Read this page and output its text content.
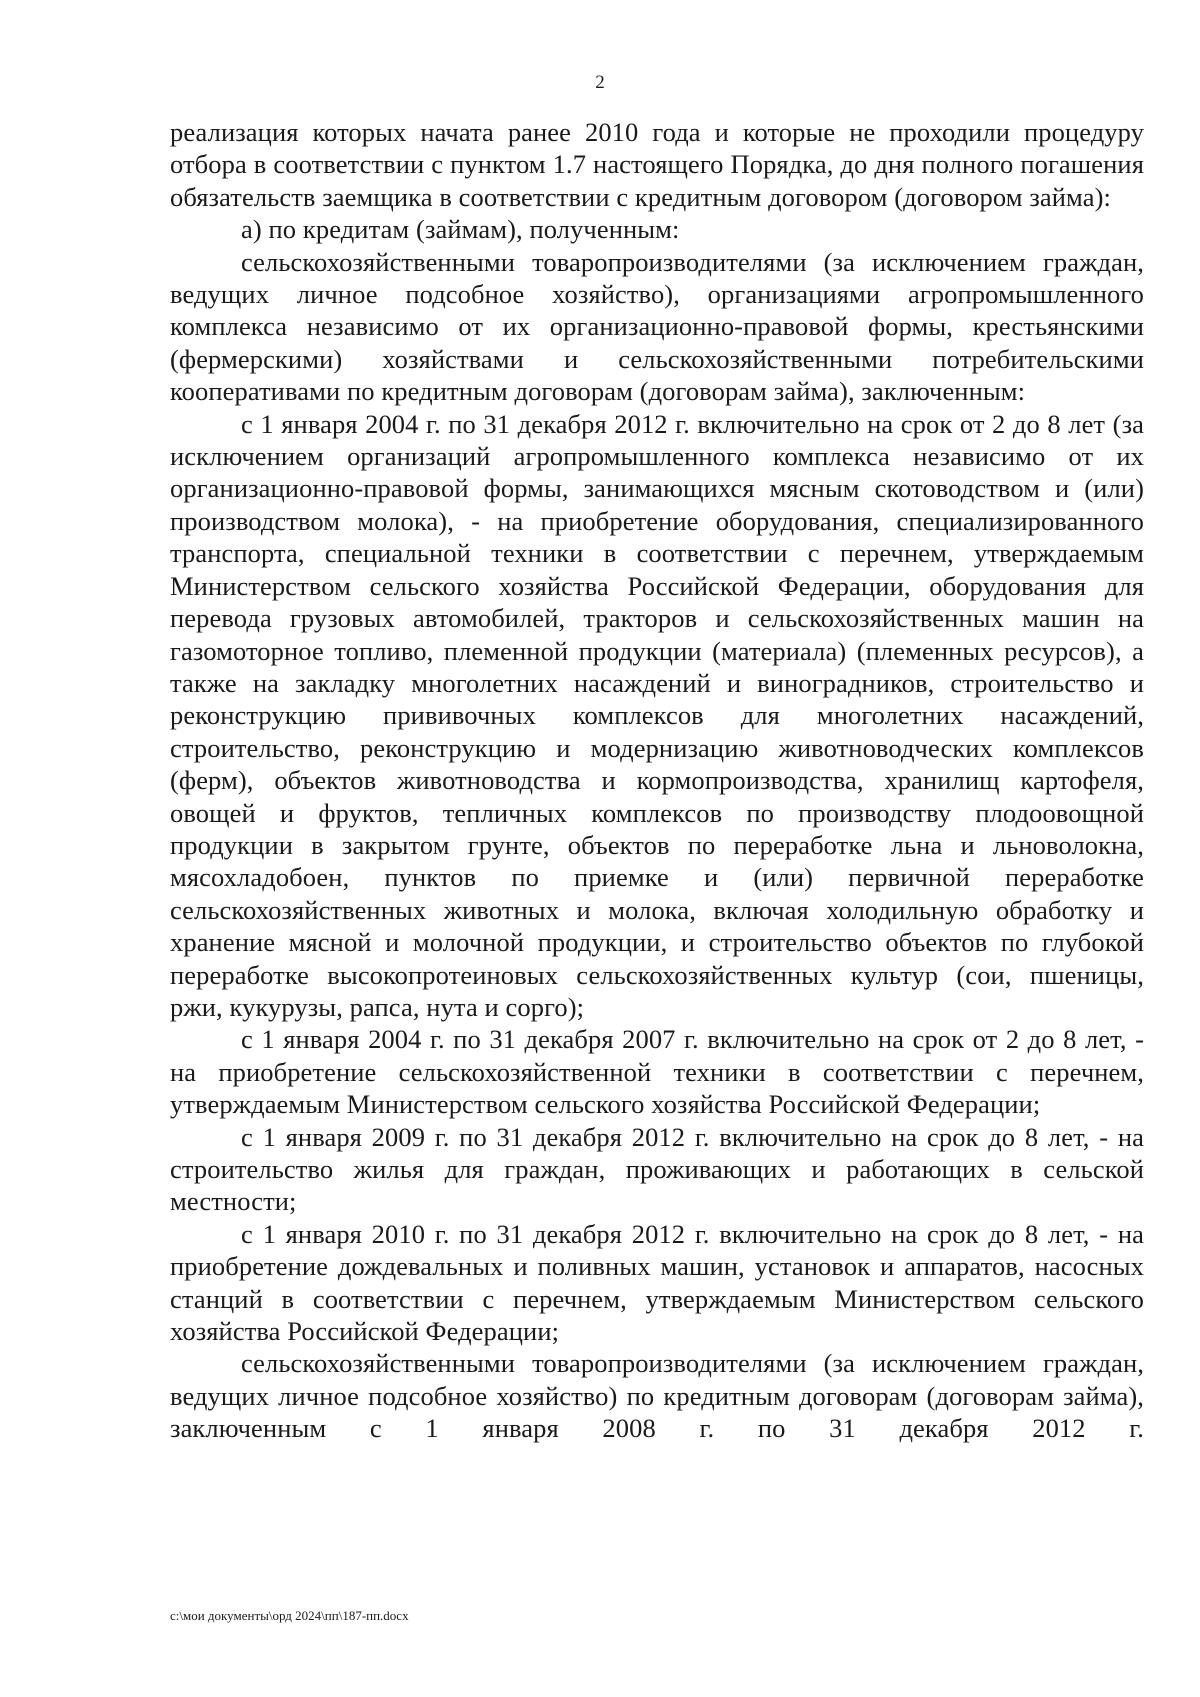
2

реализация которых начата ранее 2010 года и которые не проходили процедуру отбора в соответствии с пунктом 1.7 настоящего Порядка, до дня полного погашения обязательств заемщика в соответствии с кредитным договором (договором займа):

а) по кредитам (займам), полученным:

сельскохозяйственными товаропроизводителями (за исключением граждан, ведущих личное подсобное хозяйство), организациями агропромышленного комплекса независимо от их организационно-правовой формы, крестьянскими (фермерскими) хозяйствами и сельскохозяйственными потребительскими кооперативами по кредитным договорам (договорам займа), заключенным:

с 1 января 2004 г. по 31 декабря 2012 г. включительно на срок от 2 до 8 лет (за исключением организаций агропромышленного комплекса независимо от их организационно-правовой формы, занимающихся мясным скотоводством и (или) производством молока), - на приобретение оборудования, специализированного транспорта, специальной техники в соответствии с перечнем, утверждаемым Министерством сельского хозяйства Российской Федерации, оборудования для перевода грузовых автомобилей, тракторов и сельскохозяйственных машин на газомоторное топливо, племенной продукции (материала) (племенных ресурсов), а также на закладку многолетних насаждений и виноградников, строительство и реконструкцию прививочных комплексов для многолетних насаждений, строительство, реконструкцию и модернизацию животноводческих комплексов (ферм), объектов животноводства и кормопроизводства, хранилищ картофеля, овощей и фруктов, тепличных комплексов по производству плодоовощной продукции в закрытом грунте, объектов по переработке льна и льноволокна, мясохладобоен, пунктов по приемке и (или) первичной переработке сельскохозяйственных животных и молока, включая холодильную обработку и хранение мясной и молочной продукции, и строительство объектов по глубокой переработке высокопротеиновых сельскохозяйственных культур (сои, пшеницы, ржи, кукурузы, рапса, нута и сорго);

с 1 января 2004 г. по 31 декабря 2007 г. включительно на срок от 2 до 8 лет, - на приобретение сельскохозяйственной техники в соответствии с перечнем, утверждаемым Министерством сельского хозяйства Российской Федерации;

с 1 января 2009 г. по 31 декабря 2012 г. включительно на срок до 8 лет, - на строительство жилья для граждан, проживающих и работающих в сельской местности;

с 1 января 2010 г. по 31 декабря 2012 г. включительно на срок до 8 лет, - на приобретение дождевальных и поливных машин, установок и аппаратов, насосных станций в соответствии с перечнем, утверждаемым Министерством сельского хозяйства Российской Федерации;

сельскохозяйственными товаропроизводителями (за исключением граждан, ведущих личное подсобное хозяйство) по кредитным договорам (договорам займа), заключенным с 1 января 2008 г. по 31 декабря 2012 г.

c:\мои документы\орд 2024\пп\187-пп.docx
